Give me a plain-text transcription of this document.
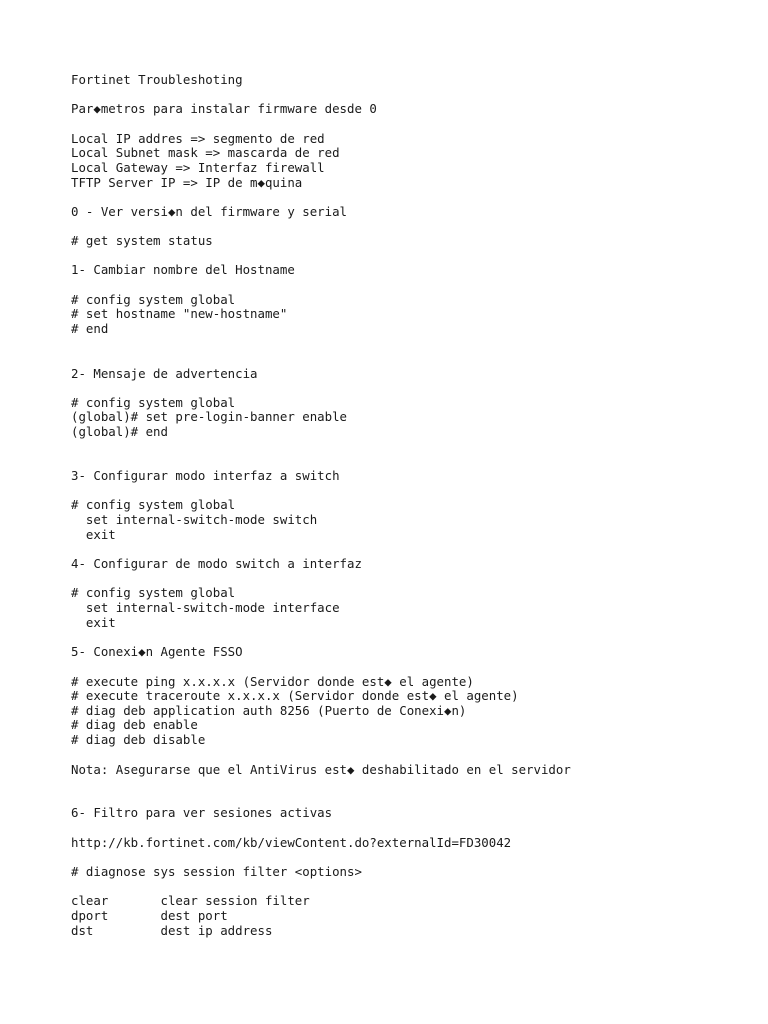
Fortinet Troubleshoting
Par◆metros para instalar firmware desde 0
Local IP addres => segmento de red
Local Subnet mask => mascarda de red
Local Gateway => Interfaz firewall
TFTP Server IP => IP de m◆quina
0 - Ver versi◆n del firmware y serial
# get system status
1- Cambiar nombre del Hostname
# config system global
# set hostname "new-hostname"
# end
2- Mensaje de advertencia
# config system global
(global)# set pre-login-banner enable
(global)# end
3- Configurar modo interfaz a switch
# config system global
set internal-switch-mode switch
exit
4- Configurar de modo switch a interfaz
# config system global
set internal-switch-mode interface
exit
5- Conexi◆n Agente FSSO
# execute ping x.x.x.x (Servidor donde est◆ el agente)
# execute traceroute x.x.x.x (Servidor donde est◆ el agente)
# diag deb application auth 8256 (Puerto de Conexi◆n)
# diag deb enable
# diag deb disable
Nota: Asegurarse que el AntiVirus est◆ deshabilitado en el servidor
6- Filtro para ver sesiones activas
http://kb.fortinet.com/kb/viewContent.do?externalId=FD30042
# diagnose sys session filter <options>
clear       clear session filter
dport       dest port
dst         dest ip address
